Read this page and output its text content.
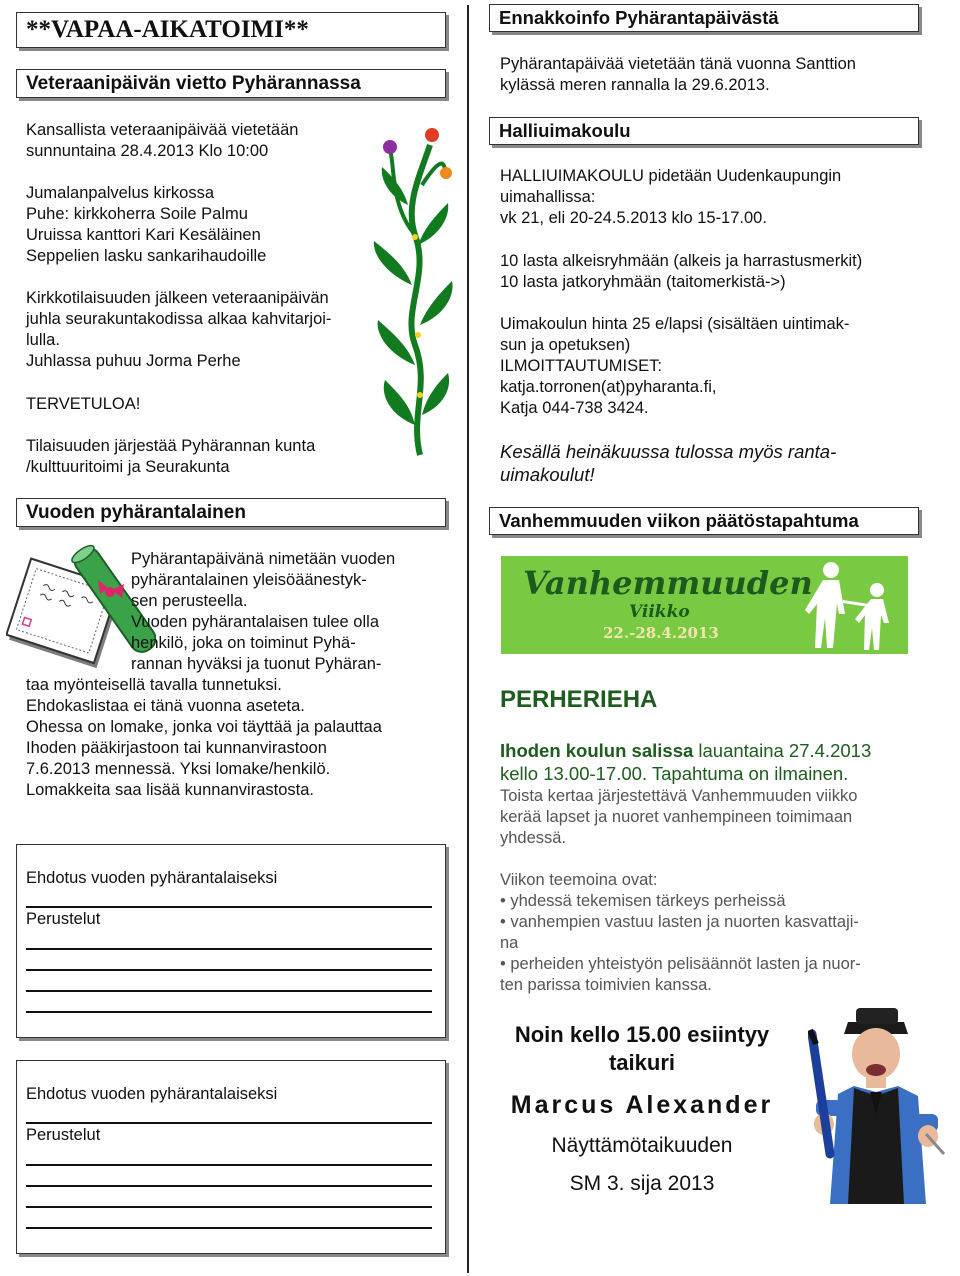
**VAPAA-AIKATOIMI**
Veteraanipäivän vietto Pyhärannassa
Kansallista veteraanipäivää vietetään
sunnuntaina 28.4.2013 Klo 10:00
Jumalanpalvelus kirkossa
Puhe: kirkkoherra Soile Palmu
Uruissa kanttori Kari Kesäläinen
Seppelien lasku sankarihaudoille
Kirkkotilaisuuden jälkeen veteraanipäivän
juhla seurakuntakodissa alkaa kahvitarjoi-
lulla.
Juhlassa puhuu Jorma Perhe
TERVETULOA!
Tilaisuuden järjestää Pyhärannan kunta
/kulttuuritoimi ja Seurakunta
Vuoden pyhärantalainen
Pyhärantapäivänä nimetään vuoden
pyhärantalainen yleisöäänestyk-
sen perusteella.
Vuoden pyhärantalaisen tulee olla
henkilö, joka on toiminut Pyhä-
rannan hyväksi ja tuonut Pyhäran-
taa myönteisellä tavalla tunnetuksi.
Ehdokaslistaa ei tänä vuonna aseteta.
Ohessa on lomake, jonka voi täyttää ja palauttaa
Ihoden pääkirjastoon tai kunnanvirastoon
7.6.2013 mennessä. Yksi lomake/henkilö.
Lomakkeita saa lisää kunnanvirastosta.
Ehdotus vuoden pyhärantalaiseksi
Perustelut
Ehdotus vuoden pyhärantalaiseksi
Perustelut
Ennakkoinfo Pyhärantapäivästä
Pyhärantapäivää vietetään tänä vuonna Santtion
kylässä meren rannalla la 29.6.2013.
Halliuimakoulu
HALLIUIMAKOULU pidetään Uudenkaupungin
uimahallissa:
vk 21, eli 20-24.5.2013 klo 15-17.00.
10 lasta alkeisryhmään (alkeis ja harrastusmerkit)
10 lasta jatkoryhmään (taitomerkistä->)
Uimakoulun hinta 25 e/lapsi (sisältäen uintimak-
sun ja opetuksen)
ILMOITTAUTUMISET:
katja.torronen(at)pyharanta.fi,
Katja 044-738 3424.
Kesällä heinäkuussa tulossa myös ranta-
uimakoulut!
Vanhemmuuden viikon päätöstapahtuma
Vanhemmuuden
Viikko
22.-28.4.2013
PERHERIEHA

Ihoden koulun salissa lauantaina 27.4.2013
kello 13.00-17.00. Tapahtuma on ilmainen.

Toista kertaa järjestettävä Vanhemmuuden viikko
kerää lapset ja nuoret vanhempineen toimimaan
yhdessä.
Viikon teemoina ovat:
• yhdessä tekemisen tärkeys perheissä
• vanhempien vastuu lasten ja nuorten kasvattaji-
na
• perheiden yhteistyön pelisäännöt lasten ja nuor-
ten parissa toimivien kanssa.
Noin kello 15.00 esiintyy
taikuri
Marcus Alexander
Näyttämötaikuuden
SM 3. sija 2013
